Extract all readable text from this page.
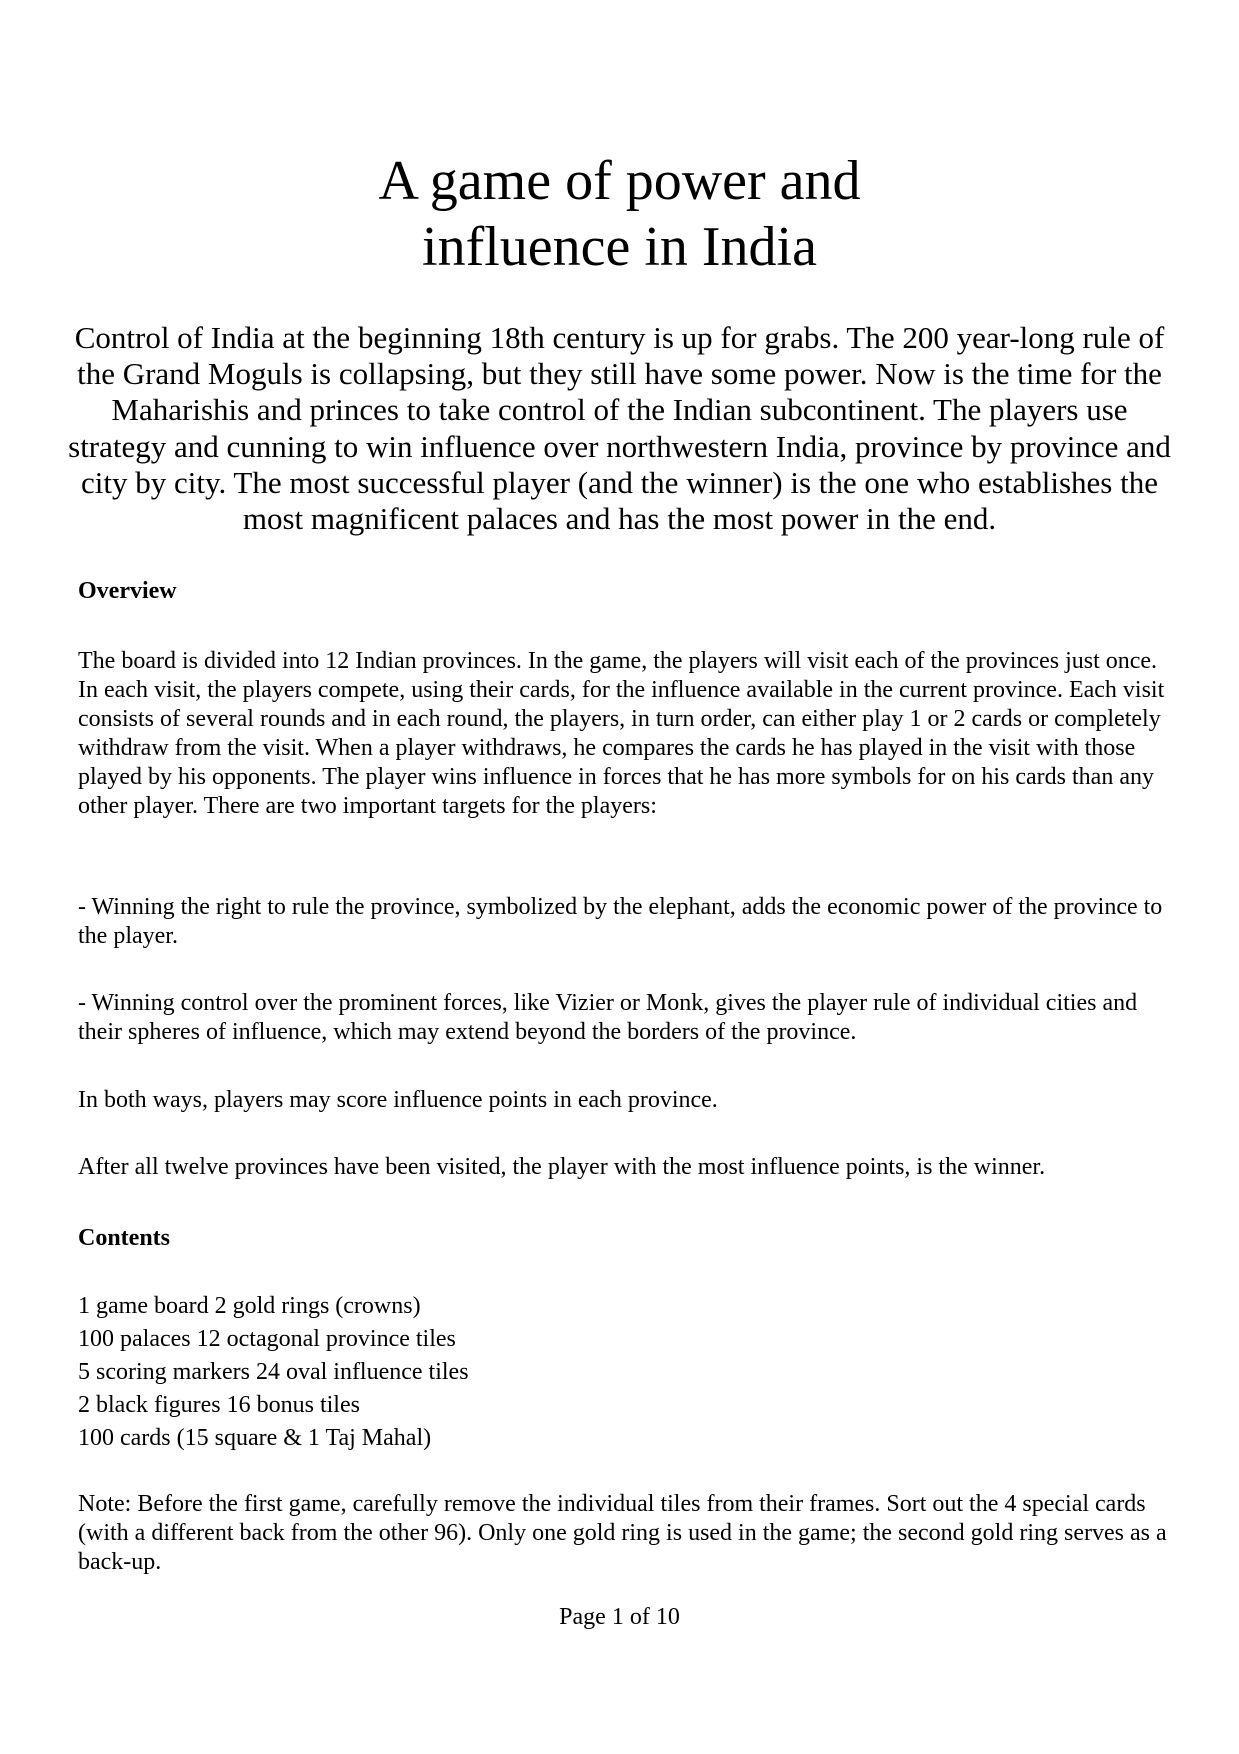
A game of power and
influence in India

Control of India at the beginning 18th century is up for grabs. The 200 year-long rule of the Grand Moguls is collapsing, but they still have some power. Now is the time for the Maharishis and princes to take control of the Indian subcontinent. The players use strategy and cunning to win influence over northwestern India, province by province and city by city. The most successful player (and the winner) is the one who establishes the most magnificent palaces and has the most power in the end.

Overview

The board is divided into 12 Indian provinces. In the game, the players will visit each of the provinces just once. In each visit, the players compete, using their cards, for the influence available in the current province. Each visit consists of several rounds and in each round, the players, in turn order, can either play 1 or 2 cards or completely withdraw from the visit. When a player withdraws, he compares the cards he has played in the visit with those played by his opponents. The player wins influence in forces that he has more symbols for on his cards than any other player. There are two important targets for the players:

- Winning the right to rule the province, symbolized by the elephant, adds the economic power of the province to the player.

- Winning control over the prominent forces, like Vizier or Monk, gives the player rule of individual cities and their spheres of influence, which may extend beyond the borders of the province.

In both ways, players may score influence points in each province.

After all twelve provinces have been visited, the player with the most influence points, is the winner.

Contents
1 game board 2 gold rings (crowns)
100 palaces 12 octagonal province tiles
5 scoring markers 24 oval influence tiles
2 black figures 16 bonus tiles
100 cards (15 square & 1 Taj Mahal)

Note: Before the first game, carefully remove the individual tiles from their frames. Sort out the 4 special cards (with a different back from the other 96). Only one gold ring is used in the game; the second gold ring serves as a back-up.

Page 1 of 10
